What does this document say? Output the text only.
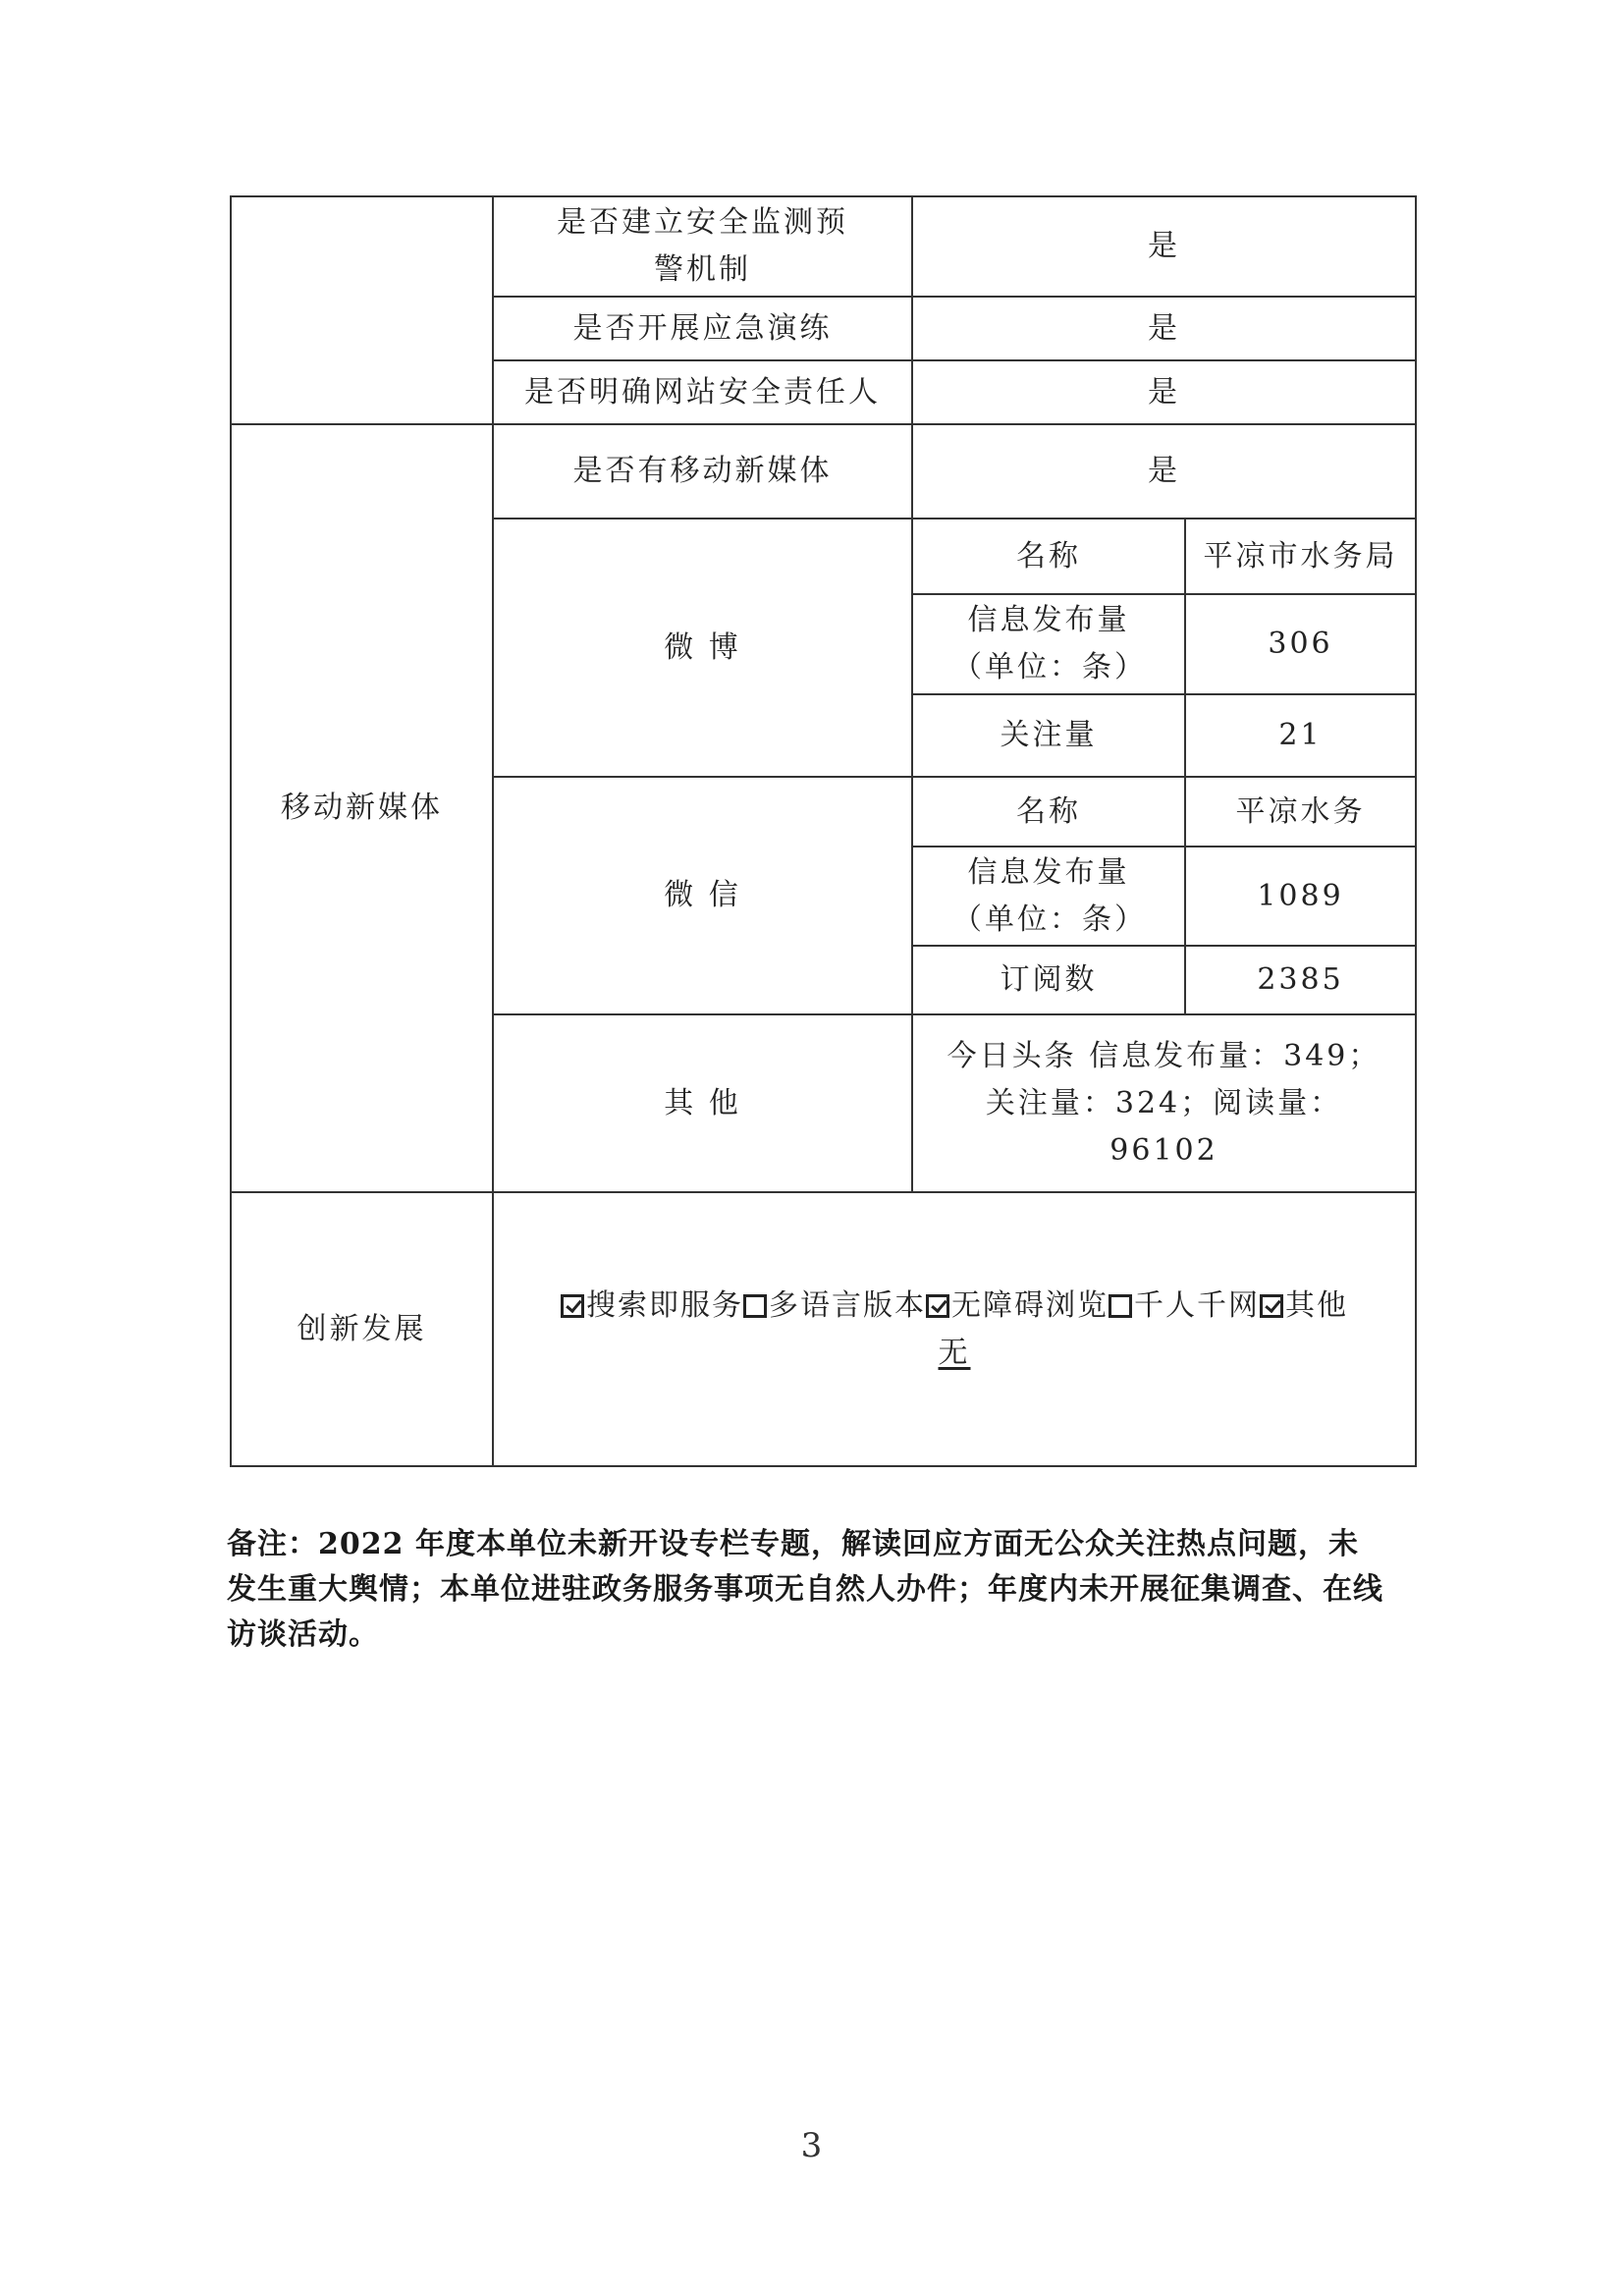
	是否建立安全监测预警机制	是	
	是否开展应急演练	是	
	是否明确网站安全责任人	是	
移动新媒体	是否有移动新媒体	是	
	微 博	名称	平凉市水务局
		信息发布量（单位：条）	306
		关注量	21
	微 信	名称	平凉水务
		信息发布量（单位：条）	1089
		订阅数	2385
	其 他	今日头条 信息发布量：349；关注量：324；阅读量：96102	
创新发展	搜索即服务 多语言版本 无障碍浏览 千人千网 其他
无		
备注：2022 年度本单位未新开设专栏专题，解读回应方面无公众关注热点问题，未发生重大舆情；本单位进驻政务服务事项无自然人办件；年度内未开展征集调查、在线访谈活动。
3
